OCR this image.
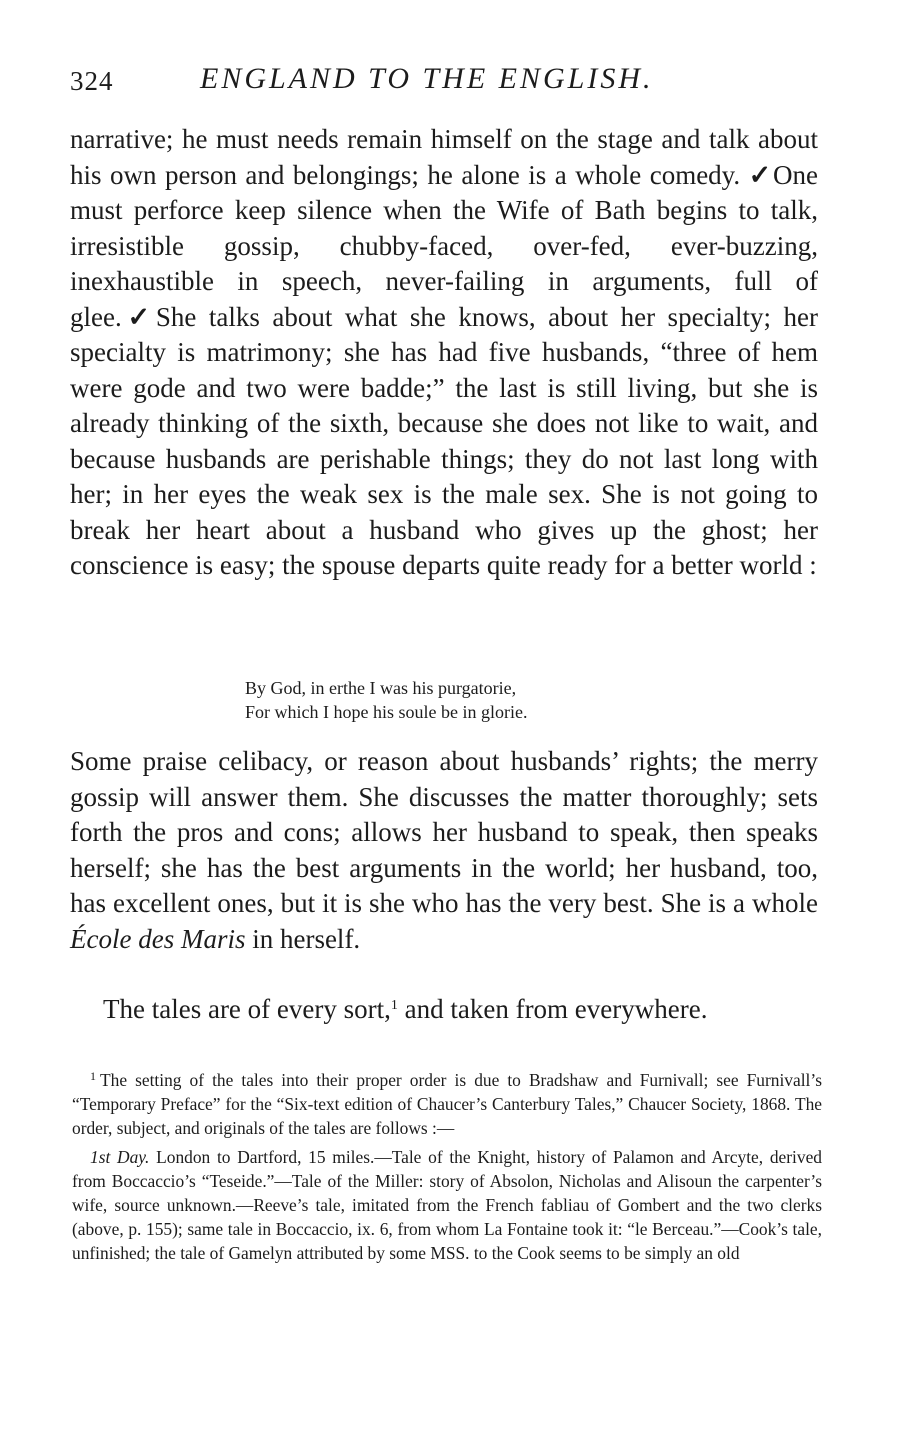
324	ENGLAND TO THE ENGLISH.

narrative; he must needs remain himself on the stage and talk about his own person and belongings; he alone is a whole comedy. ✓One must perforce keep silence when the Wife of Bath begins to talk, irresistible gossip, chubby-faced, over-fed, ever-buzzing, inexhaustible in speech, never-failing in arguments, full of glee.✓She talks about what she knows, about her specialty; her specialty is matrimony; she has had five husbands, “three of hem were gode and two were badde;” the last is still living, but she is already thinking of the sixth, because she does not like to wait, and because husbands are perishable things; they do not last long with her; in her eyes the weak sex is the male sex. She is not going to break her heart about a husband who gives up the ghost; her conscience is easy; the spouse departs quite ready for a better world :

By God, in erthe I was his purgatorie,
For which I hope his soule be in glorie.

Some praise celibacy, or reason about husbands’ rights; the merry gossip will answer them. She discusses the matter thoroughly; sets forth the pros and cons; allows her husband to speak, then speaks herself; she has the best arguments in the world; her husband, too, has excellent ones, but it is she who has the very best. She is a whole École des Maris in herself.

The tales are of every sort,$^1$ and taken from everywhere.

$^1$ The setting of the tales into their proper order is due to Bradshaw and Furnivall; see Furnivall’s “Temporary Preface” for the “Six-text edition of Chaucer’s Canterbury Tales,” Chaucer Society, 1868. The order, subject, and originals of the tales are follows :—

1st Day. London to Dartford, 15 miles.—Tale of the Knight, history of Palamon and Arcyte, derived from Boccaccio’s “Teseide.”—Tale of the Miller: story of Absolon, Nicholas and Alisoun the carpenter’s wife, source unknown.—Reeve’s tale, imitated from the French fabliau of Gombert and the two clerks (above, p. 155); same tale in Boccaccio, ix. 6, from whom La Fontaine took it: “le Berceau.”—Cook’s tale, unfinished; the tale of Gamelyn attributed by some MSS. to the Cook seems to be simply an old
